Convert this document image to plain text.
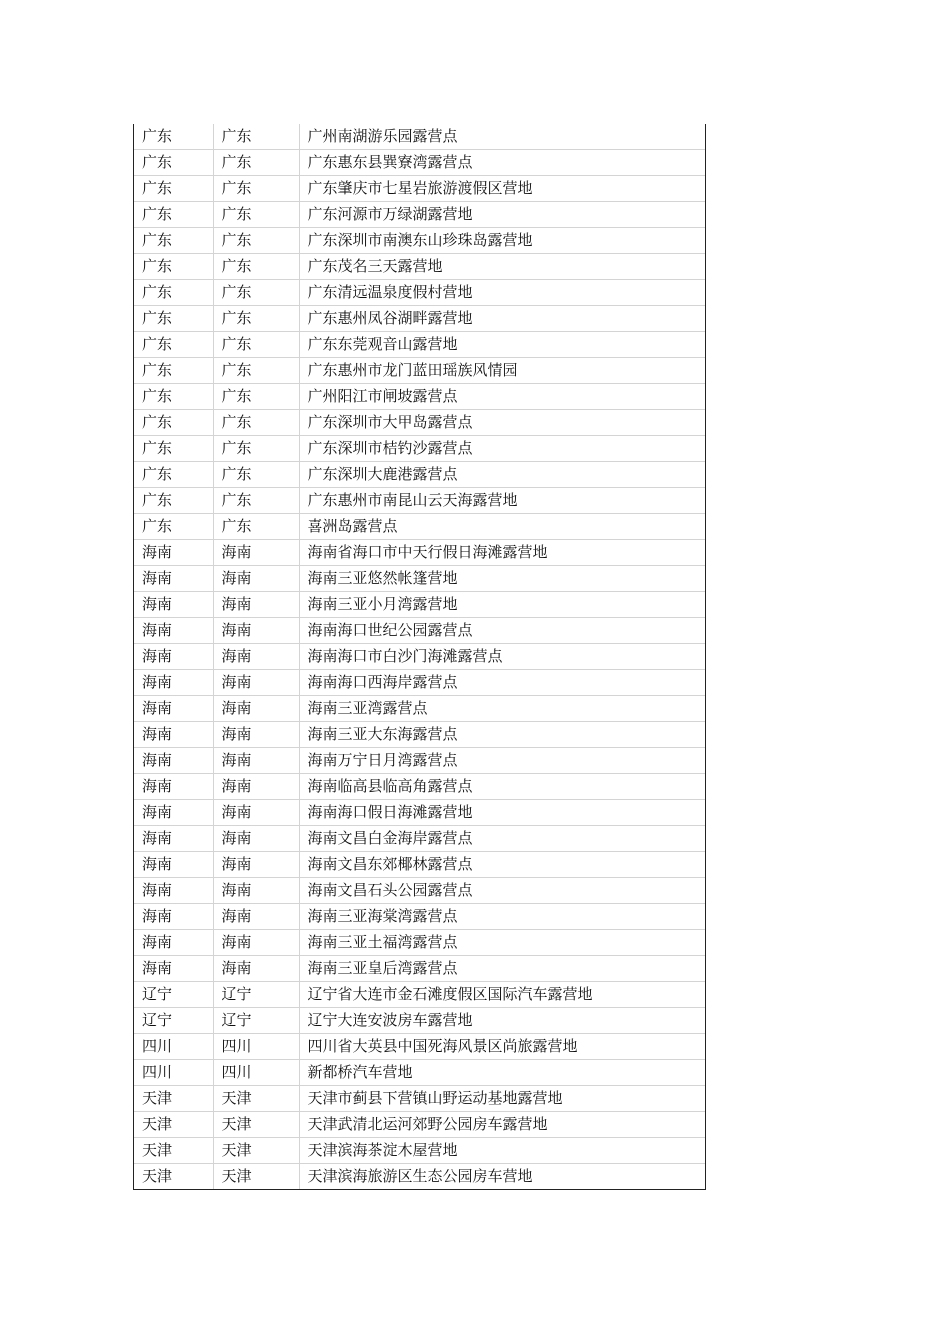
广东	广东	广州南湖游乐园露营点
广东	广东	广东惠东县巽寮湾露营点
广东	广东	广东肇庆市七星岩旅游渡假区营地
广东	广东	广东河源市万绿湖露营地
广东	广东	广东深圳市南澳东山珍珠岛露营地
广东	广东	广东茂名三天露营地
广东	广东	广东清远温泉度假村营地
广东	广东	广东惠州凤谷湖畔露营地
广东	广东	广东东莞观音山露营地
广东	广东	广东惠州市龙门蓝田瑶族风情园
广东	广东	广州阳江市闸坡露营点
广东	广东	广东深圳市大甲岛露营点
广东	广东	广东深圳市桔钓沙露营点
广东	广东	广东深圳大鹿港露营点
广东	广东	广东惠州市南昆山云天海露营地
广东	广东	喜洲岛露营点
海南	海南	海南省海口市中天行假日海滩露营地
海南	海南	海南三亚悠然帐篷营地
海南	海南	海南三亚小月湾露营地
海南	海南	海南海口世纪公园露营点
海南	海南	海南海口市白沙门海滩露营点
海南	海南	海南海口西海岸露营点
海南	海南	海南三亚湾露营点
海南	海南	海南三亚大东海露营点
海南	海南	海南万宁日月湾露营点
海南	海南	海南临高县临高角露营点
海南	海南	海南海口假日海滩露营地
海南	海南	海南文昌白金海岸露营点
海南	海南	海南文昌东郊椰林露营点
海南	海南	海南文昌石头公园露营点
海南	海南	海南三亚海棠湾露营点
海南	海南	海南三亚土福湾露营点
海南	海南	海南三亚皇后湾露营点
辽宁	辽宁	辽宁省大连市金石滩度假区国际汽车露营地
辽宁	辽宁	辽宁大连安波房车露营地
四川	四川	四川省大英县中国死海风景区尚旅露营地
四川	四川	新都桥汽车营地
天津	天津	天津市蓟县下营镇山野运动基地露营地
天津	天津	天津武清北运河郊野公园房车露营地
天津	天津	天津滨海茶淀木屋营地
天津	天津	天津滨海旅游区生态公园房车营地
